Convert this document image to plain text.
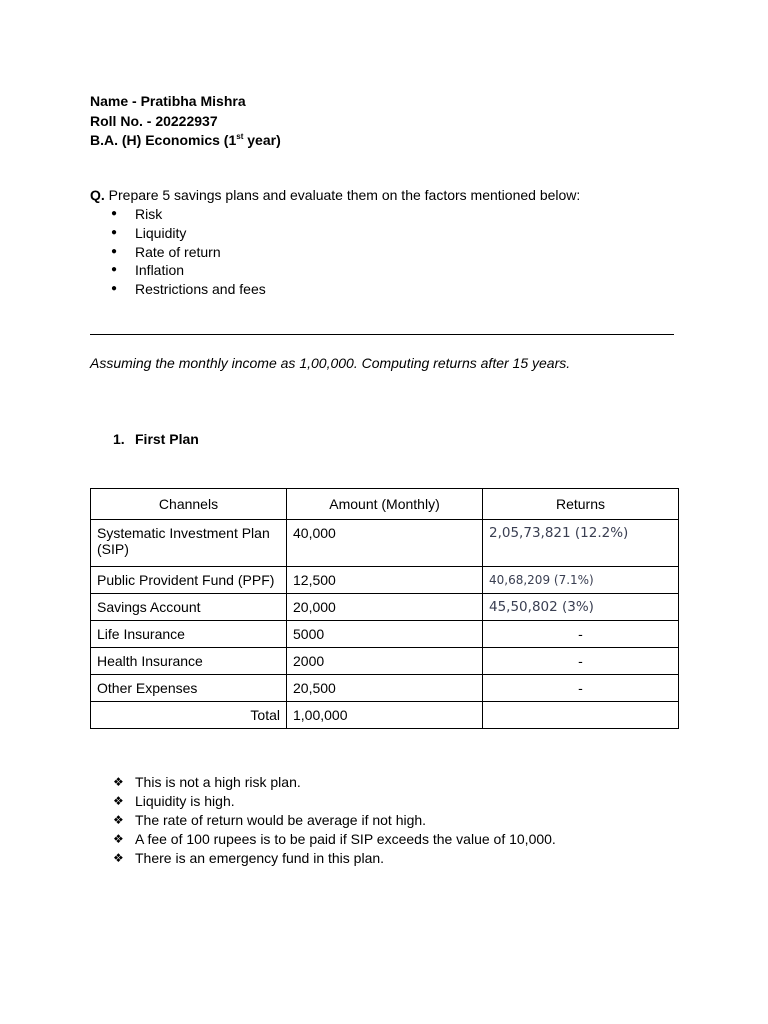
Name - Pratibha Mishra
Roll No. - 20222937
B.A. (H) Economics (1st year)
Q. Prepare 5 savings plans and evaluate them on the factors mentioned below:
● Risk
● Liquidity
● Rate of return
● Inflation
● Restrictions and fees
Assuming the monthly income as 1,00,000. Computing returns after 15 years.
1. First Plan
Channels	Amount (Monthly)	Returns
Systematic Investment Plan (SIP)	40,000	2,05,73,821 (12.2%)
Public Provident Fund (PPF)	12,500	40,68,209 (7.1%)
Savings Account	20,000	45,50,802 (3%)
Life Insurance	5000	-
Health Insurance	2000	-
Other Expenses	20,500	-
Total	1,00,000	
❖ This is not a high risk plan.
❖ Liquidity is high.
❖ The rate of return would be average if not high.
❖ A fee of 100 rupees is to be paid if SIP exceeds the value of 10,000.
❖ There is an emergency fund in this plan.
